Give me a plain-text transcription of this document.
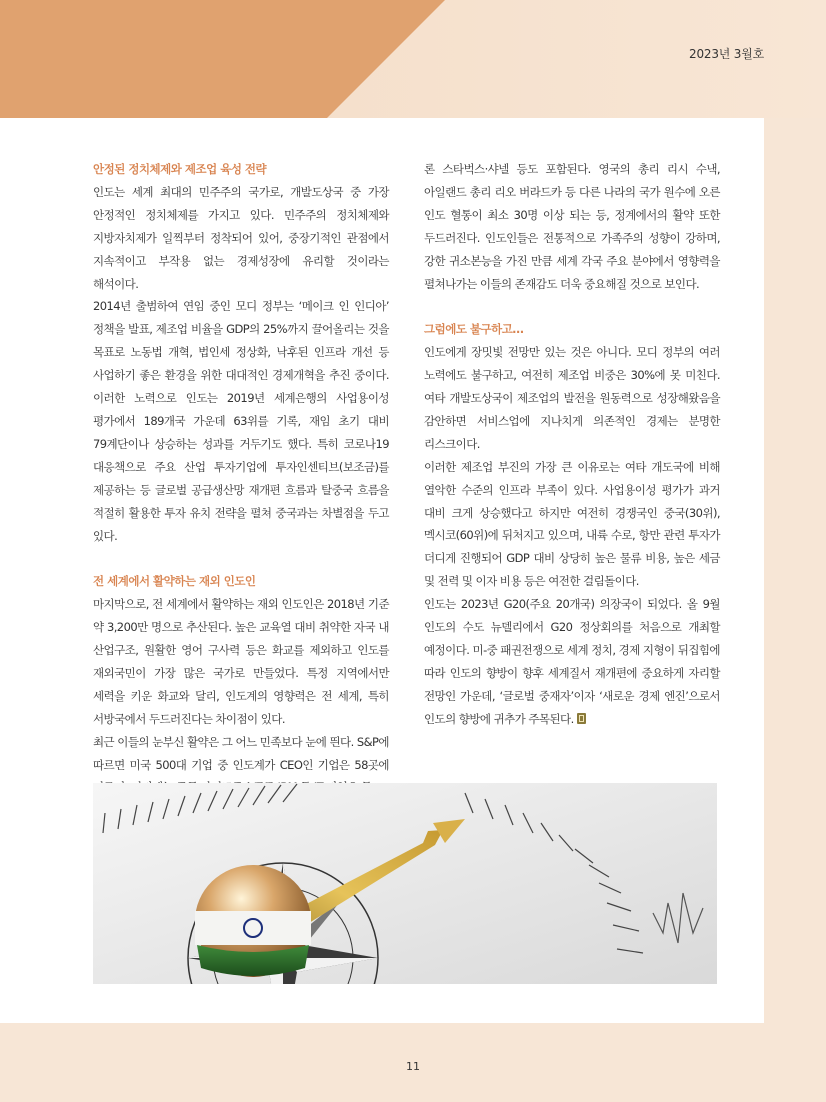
2023년 3월호
안정된 정치체제와 제조업 육성 전략

인도는 세계 최대의 민주주의 국가로, 개발도상국 중 가장 안정적인 정치체제를 가지고 있다. 민주주의 정치체제와 지방자치제가 일찍부터 정착되어 있어, 중장기적인 관점에서 지속적이고 부작용 없는 경제성장에 유리할 것이라는 해석이다.

2014년 출범하여 연임 중인 모디 정부는 ‘메이크 인 인디아’ 정책을 발표, 제조업 비율을 GDP의 25%까지 끌어올리는 것을 목표로 노동법 개혁, 법인세 정상화, 낙후된 인프라 개선 등 사업하기 좋은 환경을 위한 대대적인 경제개혁을 추진 중이다. 이러한 노력으로 인도는 2019년 세계은행의 사업용이성 평가에서 189개국 가운데 63위를 기록, 재임 초기 대비 79계단이나 상승하는 성과를 거두기도 했다. 특히 코로나19 대응책으로 주요 산업 투자기업에 투자인센티브(보조금)를 제공하는 등 글로벌 공급생산망 재개편 흐름과 탈중국 흐름을 적절히 활용한 투자 유치 전략을 펼쳐 중국과는 차별점을 두고 있다.

전 세계에서 활약하는 재외 인도인

마지막으로, 전 세계에서 활약하는 재외 인도인은 2018년 기준 약 3,200만 명으로 추산된다. 높은 교육열 대비 취약한 자국 내 산업구조, 원활한 영어 구사력 등은 화교를 제외하고 인도를 재외국민이 가장 많은 국가로 만들었다. 특정 지역에서만 세력을 키운 화교와 달리, 인도계의 영향력은 전 세계, 특히 서방국에서 두드러진다는 차이점이 있다.

최근 이들의 눈부신 활약은 그 어느 민족보다 눈에 띈다. S&P에 따르면 미국 500대 기업 중 인도계가 CEO인 기업은 58곳에

론 스타벅스·샤넬 등도 포함된다. 영국의 총리 리시 수낵, 아일랜드 총리 리오 버라드카 등 다른 나라의 국가 원수에 오른 인도 혈통이 최소 30명 이상 되는 등, 정계에서의 활약 또한 두드러진다. 인도인들은 전통적으로 가족주의 성향이 강하며, 강한 귀소본능을 가진 만큼 세계 각국 주요 분야에서 영향력을 펼쳐나가는 이들의 존재감도 더욱 중요해질 것으로 보인다.

그럼에도 불구하고…

인도에게 장밋빛 전망만 있는 것은 아니다. 모디 정부의 여러 노력에도 불구하고, 여전히 제조업 비중은 30%에 못 미친다. 여타 개발도상국이 제조업의 발전을 원동력으로 성장해왔음을 감안하면 서비스업에 지나치게 의존적인 경제는 분명한 리스크이다.

이러한 제조업 부진의 가장 큰 이유로는 여타 개도국에 비해 열악한 수준의 인프라 부족이 있다. 사업용이성 평가가 과거 대비 크게 상승했다고 하지만 여전히 경쟁국인 중국(30위), 멕시코(60위)에 뒤처지고 있으며, 내륙 수로, 항만 관련 투자가 더디게 진행되어 GDP 대비 상당히 높은 물류 비용, 높은 세금 및 전력 및 이자 비용 등은 여전한 걸림돌이다.

인도는 2023년 G20(주요 20개국) 의장국이 되었다. 올 9월 인도의 수도 뉴델리에서 G20 정상회의를 처음으로 개최할 예정이다. 미-중 패권전쟁으로 세계 정치, 경제 지형이 뒤집힘에 따라 인도의 향방이 향후 세계질서 재개편에 중요하게 자리할 전망인 가운데, ‘글로벌 중재자’이자 ‘새로운 경제 엔진’으로서 인도의 향방에 귀추가 주목된다.

11
